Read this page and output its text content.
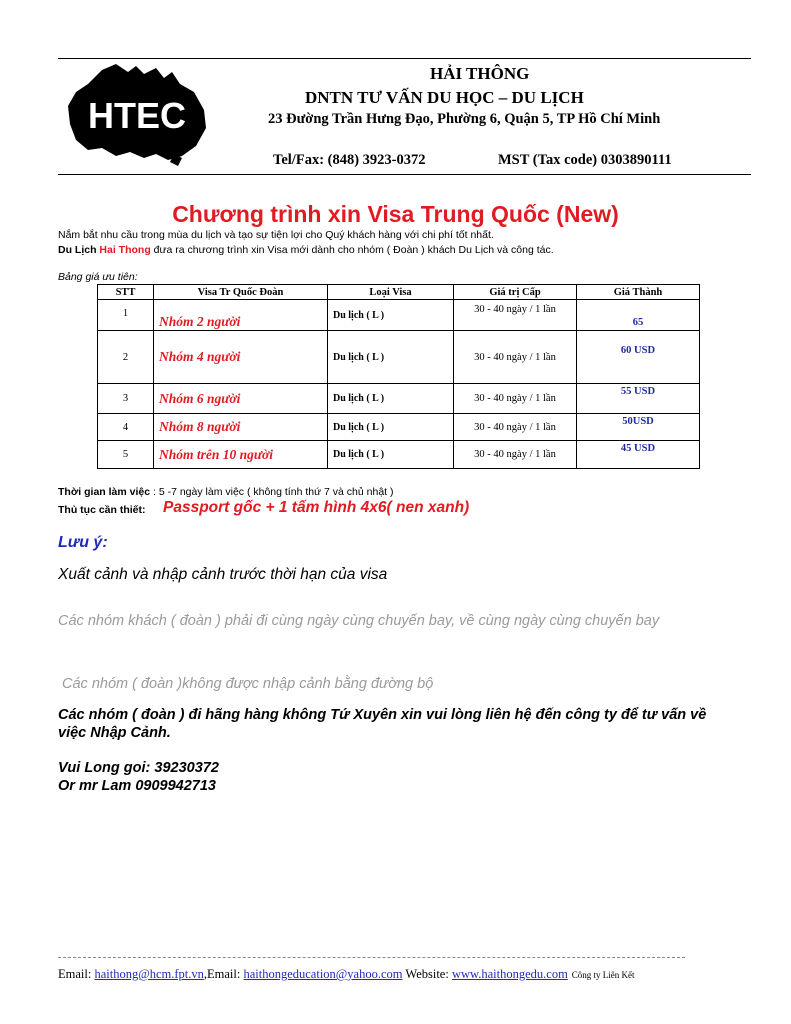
HTEC
HẢI THÔNG
DNTN TƯ VẤN DU HỌC – DU LỊCH
23 Đường Trần Hưng Đạo, Phường 6, Quận 5, TP Hồ Chí Minh
Tel/Fax: (848) 3923-0372	MST (Tax code) 0303890111
Chương trình xin Visa Trung Quốc (New)
Nắm bắt nhu cầu trong mùa du lịch và tạo sự tiện lợi cho Quý khách hàng với chi phí tốt nhất.
Du Lịch Hai Thong đưa ra chương trình xin Visa mới dành cho nhóm ( Đoàn ) khách Du Lịch và công tác.
Bảng giá ưu tiên:
STT	Visa Tr Quốc Đoàn	Loại Visa	Giá trị Cấp	Giá Thành
1	Nhóm 2 người	Du lịch ( L )	30 - 40 ngày / 1 lần	65
2	Nhóm 4 người	Du lịch ( L )	30 - 40 ngày / 1 lần	60 USD
3	Nhóm 6 người	Du lịch ( L )	30 - 40 ngày / 1 lần	55 USD
4	Nhóm 8 người	Du lịch ( L )	30 - 40 ngày / 1 lần	50USD
5	Nhóm trên 10 người	Du lịch ( L )	30 - 40 ngày / 1 lần	45 USD
Thời gian làm việc : 5 -7 ngày làm việc ( không tính thứ 7 và chủ nhật )
Thủ tục cần thiết: Passport gốc + 1 tấm hình 4x6( nen xanh)
Lưu ý:
Xuất cảnh và nhập cảnh trước thời hạn của visa
Các nhóm khách ( đoàn ) phải đi cùng ngày cùng chuyến bay, về cùng ngày cùng chuyến bay
Các nhóm ( đoàn )không được nhập cảnh bằng đường bộ
Các nhóm ( đoàn ) đi hãng hàng không Tứ Xuyên xin vui lòng liên hệ đến công ty để tư vấn về việc Nhập Cảnh.
Vui Long goi: 39230372
Or mr Lam 0909942713
Email: haithong@hcm.fpt.vn,Email: haithongeducation@yahoo.com Website: www.haithongedu.com Công ty Liên Kết
